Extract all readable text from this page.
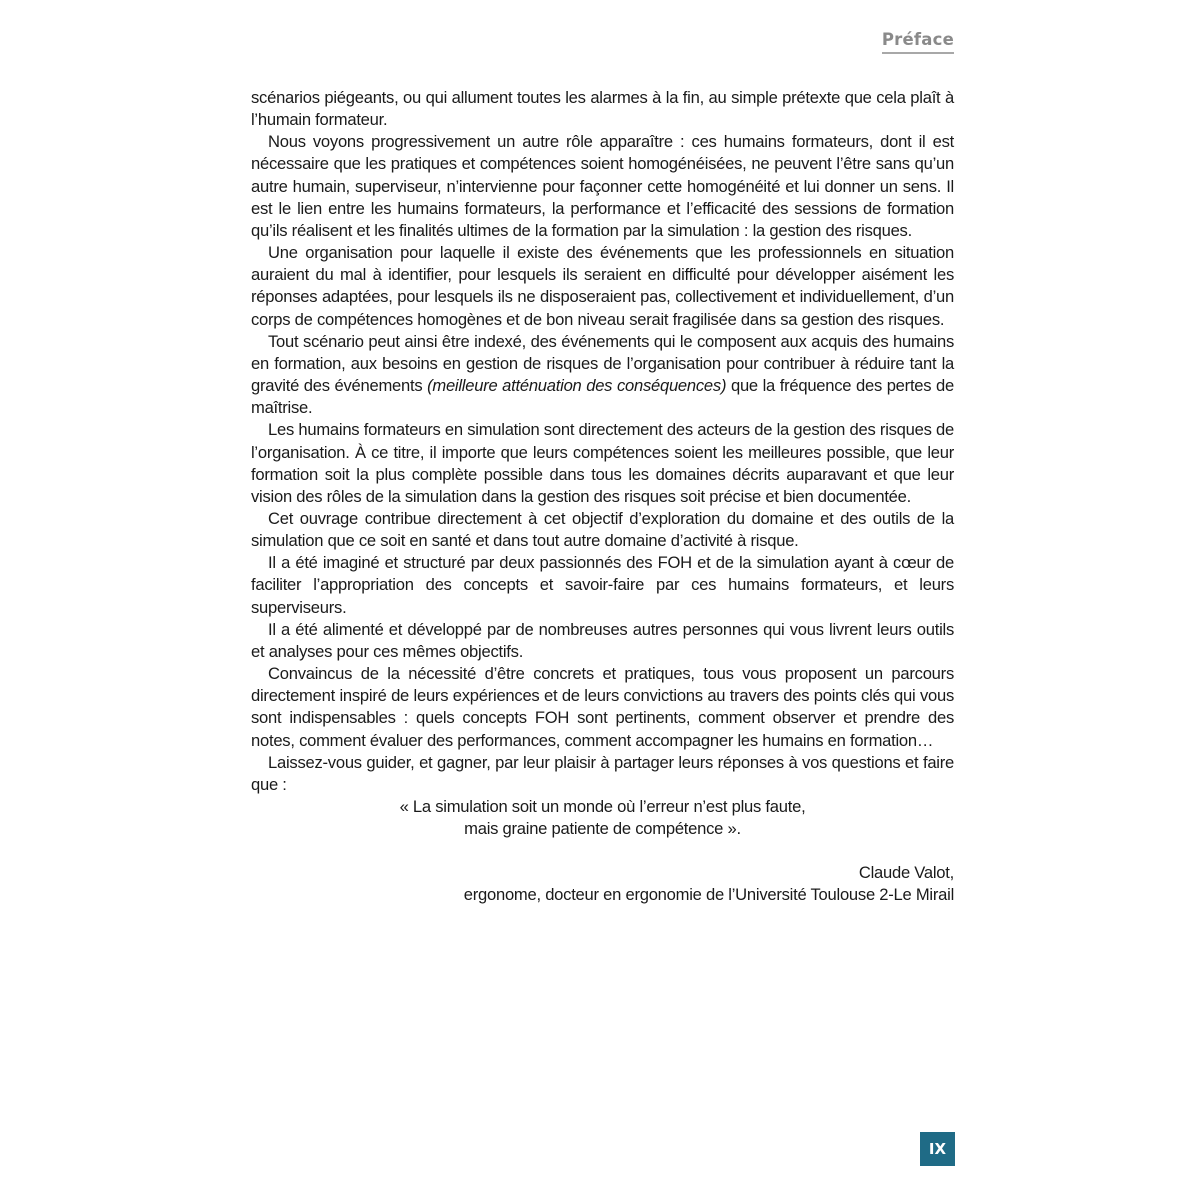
Préface

scénarios piégeants, ou qui allument toutes les alarmes à la fin, au simple prétexte que cela plaît à l’humain formateur.

Nous voyons progressivement un autre rôle apparaître : ces humains formateurs, dont il est nécessaire que les pratiques et compétences soient homogénéisées, ne peuvent l’être sans qu’un autre humain, superviseur, n’intervienne pour façonner cette homogénéité et lui donner un sens. Il est le lien entre les humains formateurs, la performance et l’efficacité des sessions de formation qu’ils réalisent et les finalités ultimes de la formation par la simulation : la gestion des risques.

Une organisation pour laquelle il existe des événements que les professionnels en situation auraient du mal à identifier, pour lesquels ils seraient en difficulté pour développer aisément les réponses adaptées, pour lesquels ils ne disposeraient pas, collectivement et individuellement, d’un corps de compétences homogènes et de bon niveau serait fragilisée dans sa gestion des risques.

Tout scénario peut ainsi être indexé, des événements qui le composent aux acquis des humains en formation, aux besoins en gestion de risques de l’organisation pour contribuer à réduire tant la gravité des événements (meilleure atténuation des conséquences) que la fréquence des pertes de maîtrise.

Les humains formateurs en simulation sont directement des acteurs de la gestion des risques de l’organisation. À ce titre, il importe que leurs compétences soient les meilleures possible, que leur formation soit la plus complète possible dans tous les domaines décrits auparavant et que leur vision des rôles de la simulation dans la gestion des risques soit précise et bien documentée.

Cet ouvrage contribue directement à cet objectif d’exploration du domaine et des outils de la simulation que ce soit en santé et dans tout autre domaine d’activité à risque.

Il a été imaginé et structuré par deux passionnés des FOH et de la simulation ayant à cœur de faciliter l’appropriation des concepts et savoir-faire par ces humains formateurs, et leurs superviseurs.

Il a été alimenté et développé par de nombreuses autres personnes qui vous livrent leurs outils et analyses pour ces mêmes objectifs.

Convaincus de la nécessité d’être concrets et pratiques, tous vous proposent un parcours directement inspiré de leurs expériences et de leurs convictions au travers des points clés qui vous sont indispensables : quels concepts FOH sont pertinents, comment observer et prendre des notes, comment évaluer des performances, comment accompagner les humains en formation…

Laissez-vous guider, et gagner, par leur plaisir à partager leurs réponses à vos questions et faire que :

« La simulation soit un monde où l’erreur n’est plus faute,
mais graine patiente de compétence ».
Claude Valot,
ergonome, docteur en ergonomie de l’Université Toulouse 2-Le Mirail
IX
